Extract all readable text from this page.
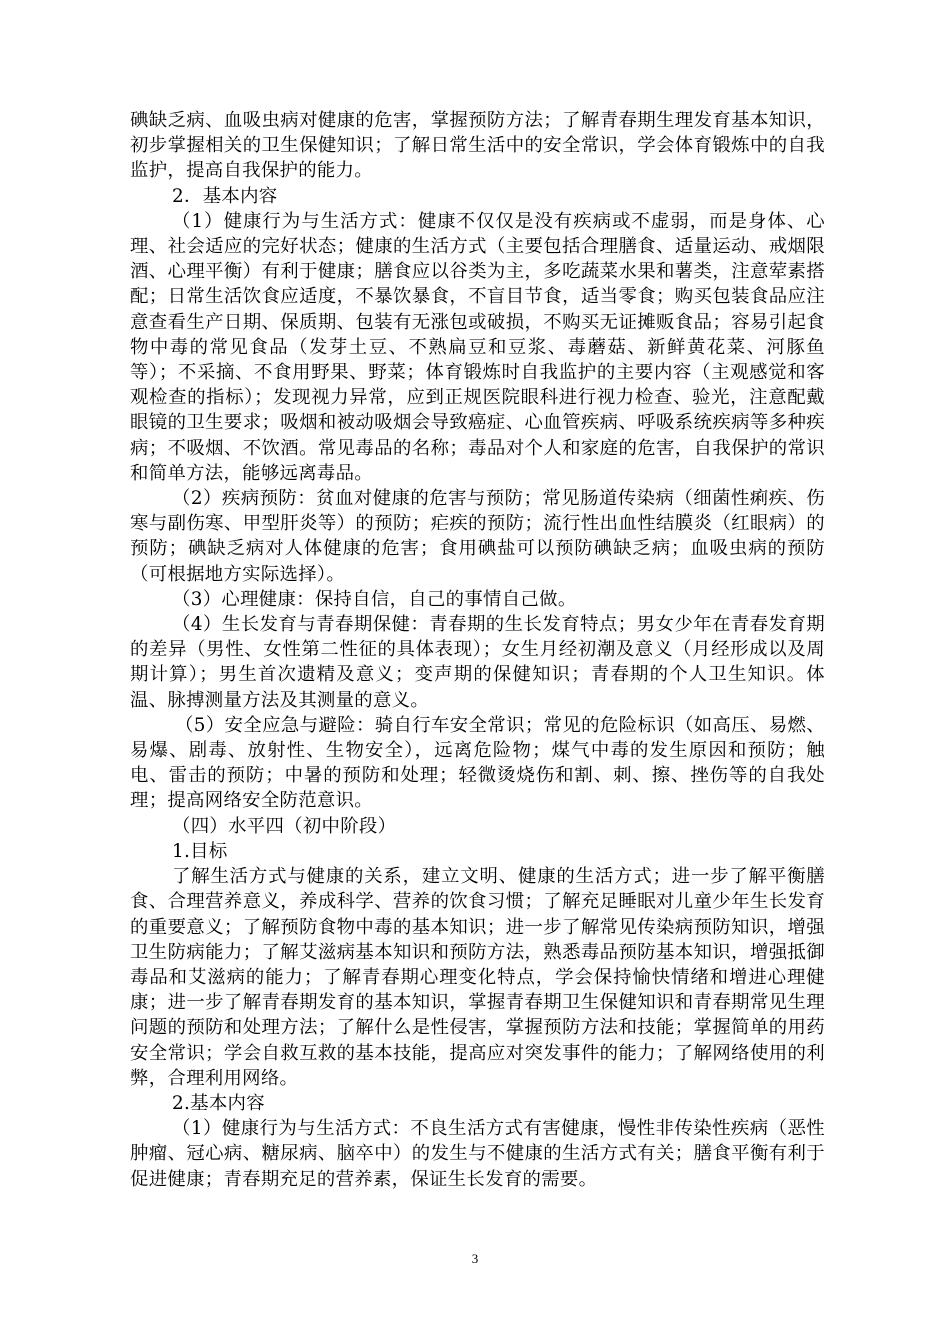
碘缺乏病、血吸虫病对健康的危害，掌握预防方法；了解青春期生理发育基本知识，初步掌握相关的卫生保健知识；了解日常生活中的安全常识，学会体育锻炼中的自我监护，提高自我保护的能力。

2．基本内容

（1）健康行为与生活方式：健康不仅仅是没有疾病或不虚弱，而是身体、心理、社会适应的完好状态；健康的生活方式（主要包括合理膳食、适量运动、戒烟限酒、心理平衡）有利于健康；膳食应以谷类为主，多吃蔬菜水果和薯类，注意荤素搭配；日常生活饮食应适度，不暴饮暴食，不盲目节食，适当零食；购买包装食品应注意查看生产日期、保质期、包装有无涨包或破损，不购买无证摊贩食品；容易引起食物中毒的常见食品（发芽土豆、不熟扁豆和豆浆、毒蘑菇、新鲜黄花菜、河豚鱼等）；不采摘、不食用野果、野菜；体育锻炼时自我监护的主要内容（主观感觉和客观检查的指标）；发现视力异常，应到正规医院眼科进行视力检查、验光，注意配戴眼镜的卫生要求；吸烟和被动吸烟会导致癌症、心血管疾病、呼吸系统疾病等多种疾病；不吸烟、不饮酒。常见毒品的名称；毒品对个人和家庭的危害，自我保护的常识和简单方法，能够远离毒品。

（2）疾病预防：贫血对健康的危害与预防；常见肠道传染病（细菌性痢疾、伤寒与副伤寒、甲型肝炎等）的预防；疟疾的预防；流行性出血性结膜炎（红眼病）的预防；碘缺乏病对人体健康的危害；食用碘盐可以预防碘缺乏病；血吸虫病的预防（可根据地方实际选择）。

（3）心理健康：保持自信，自己的事情自己做。

（4）生长发育与青春期保健：青春期的生长发育特点；男女少年在青春发育期的差异（男性、女性第二性征的具体表现）；女生月经初潮及意义（月经形成以及周期计算）；男生首次遗精及意义；变声期的保健知识；青春期的个人卫生知识。体温、脉搏测量方法及其测量的意义。

（5）安全应急与避险：骑自行车安全常识；常见的危险标识（如高压、易燃、易爆、剧毒、放射性、生物安全），远离危险物；煤气中毒的发生原因和预防；触电、雷击的预防；中暑的预防和处理；轻微烫烧伤和割、刺、擦、挫伤等的自我处理；提高网络安全防范意识。

（四）水平四（初中阶段）

1.目标

了解生活方式与健康的关系，建立文明、健康的生活方式；进一步了解平衡膳食、合理营养意义，养成科学、营养的饮食习惯；了解充足睡眠对儿童少年生长发育的重要意义；了解预防食物中毒的基本知识；进一步了解常见传染病预防知识，增强卫生防病能力；了解艾滋病基本知识和预防方法，熟悉毒品预防基本知识，增强抵御毒品和艾滋病的能力；了解青春期心理变化特点，学会保持愉快情绪和增进心理健康；进一步了解青春期发育的基本知识，掌握青春期卫生保健知识和青春期常见生理问题的预防和处理方法；了解什么是性侵害，掌握预防方法和技能；掌握简单的用药安全常识；学会自救互救的基本技能，提高应对突发事件的能力；了解网络使用的利弊，合理利用网络。

2.基本内容

（1）健康行为与生活方式：不良生活方式有害健康，慢性非传染性疾病（恶性肿瘤、冠心病、糖尿病、脑卒中）的发生与不健康的生活方式有关；膳食平衡有利于促进健康；青春期充足的营养素，保证生长发育的需要。

3
